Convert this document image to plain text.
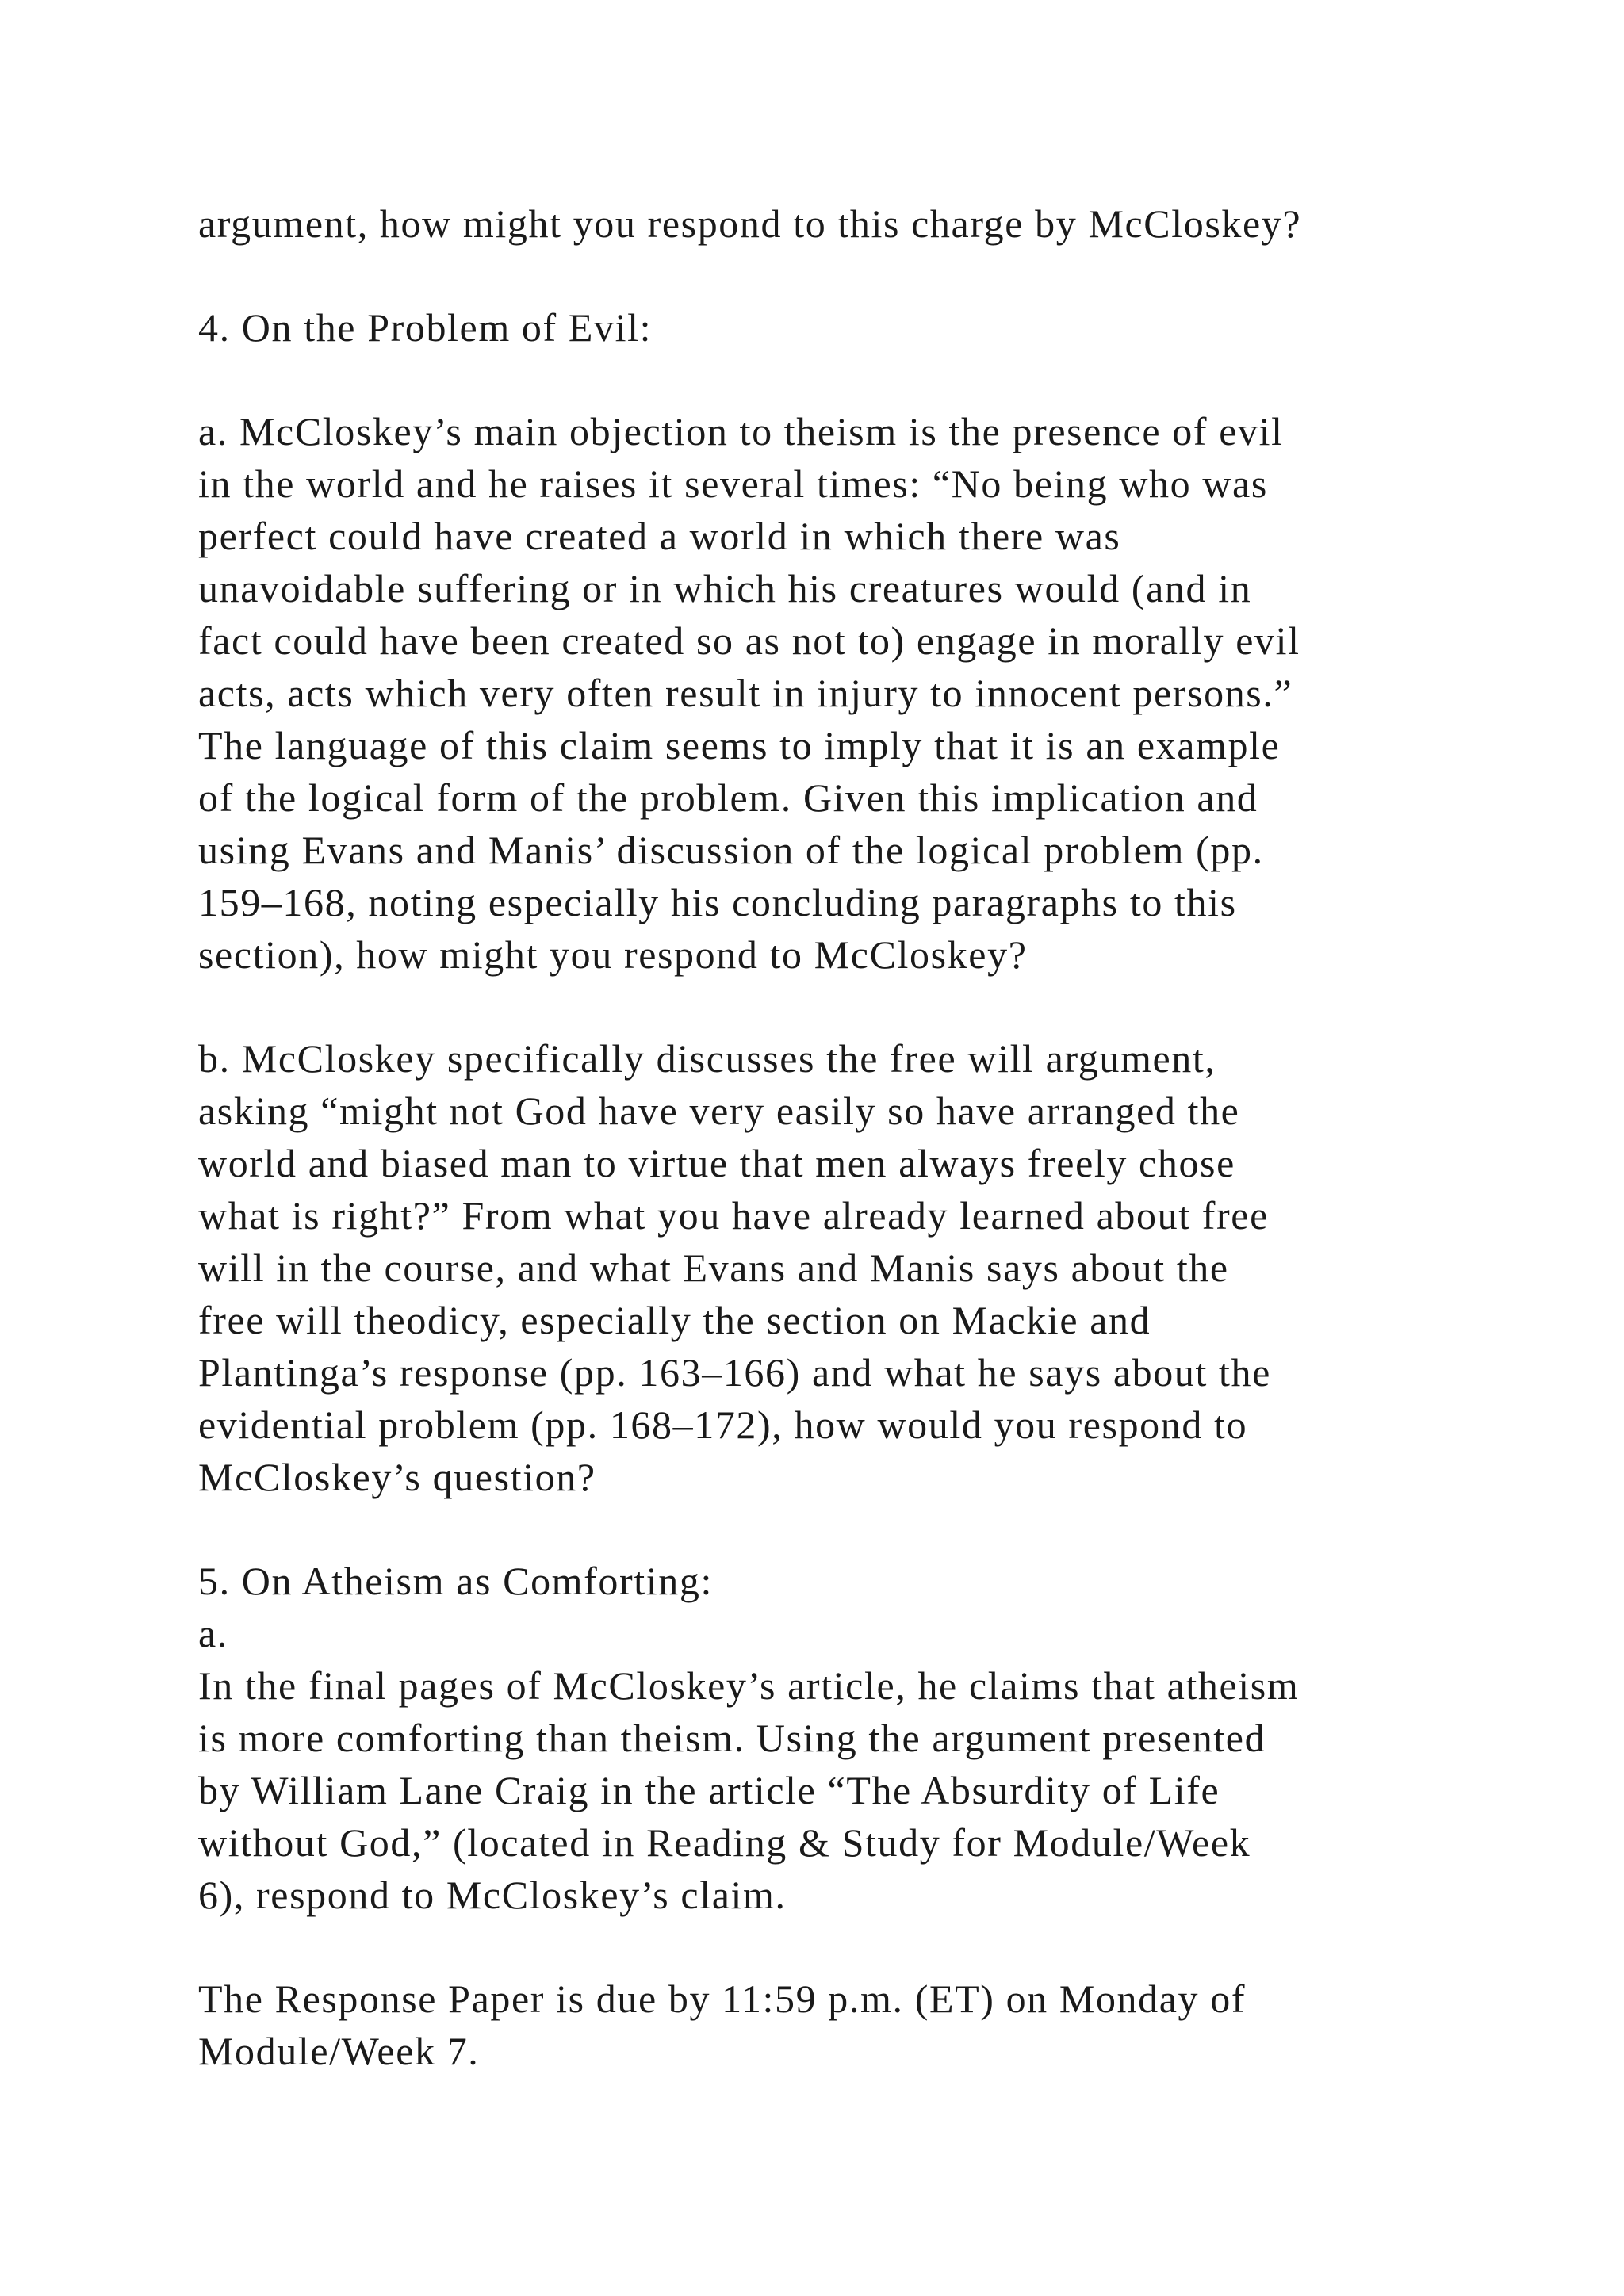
argument, how might you respond to this charge by McCloskey?

4. On the Problem of Evil:

a. McCloskey’s main objection to theism is the presence of evil

in the world and he raises it several times: “No being who was

perfect could have created a world in which there was

unavoidable suffering or in which his creatures would (and in

fact could have been created so as not to) engage in morally evil

acts, acts which very often result in injury to innocent persons.”

The language of this claim seems to imply that it is an example

of the logical form of the problem. Given this implication and

using Evans and Manis’ discussion of the logical problem (pp.

159–168, noting especially his concluding paragraphs to this

section), how might you respond to McCloskey?

b. McCloskey specifically discusses the free will argument,

asking “might not God have very easily so have arranged the

world and biased man to virtue that men always freely chose

what is right?” From what you have already learned about free

will in the course, and what Evans and Manis says about the

free will theodicy, especially the section on Mackie and

Plantinga’s response (pp. 163–166) and what he says about the

evidential problem (pp. 168–172), how would you respond to

McCloskey’s question?

5. On Atheism as Comforting:

a.

In the final pages of McCloskey’s article, he claims that atheism

is more comforting than theism. Using the argument presented

by William Lane Craig in the article “The Absurdity of Life

without God,” (located in Reading & Study for Module/Week

6), respond to McCloskey’s claim.

The Response Paper is due by 11:59 p.m. (ET) on Monday of

Module/Week 7.
